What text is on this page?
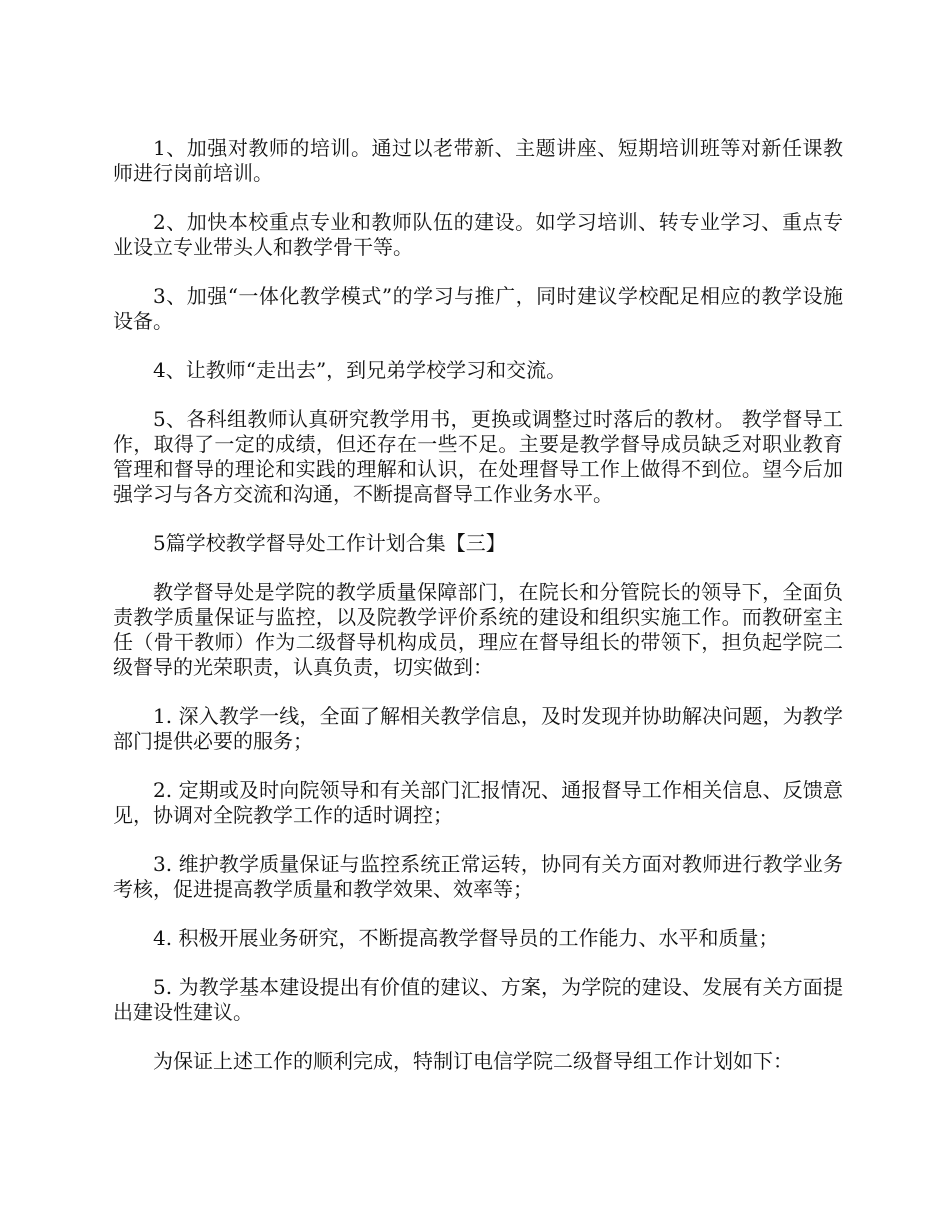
1、加强对教师的培训。通过以老带新、主题讲座、短期培训班等对新任课教师进行岗前培训。

2、加快本校重点专业和教师队伍的建设。如学习培训、转专业学习、重点专业设立专业带头人和教学骨干等。

3、加强“一体化教学模式”的学习与推广，同时建议学校配足相应的教学设施设备。

4、让教师“走出去”，到兄弟学校学习和交流。

5、各科组教师认真研究教学用书，更换或调整过时落后的教材。 教学督导工作，取得了一定的成绩，但还存在一些不足。主要是教学督导成员缺乏对职业教育管理和督导的理论和实践的理解和认识，在处理督导工作上做得不到位。望今后加强学习与各方交流和沟通，不断提高督导工作业务水平。

5篇学校教学督导处工作计划合集【三】

教学督导处是学院的教学质量保障部门，在院长和分管院长的领导下，全面负责教学质量保证与监控，以及院教学评价系统的建设和组织实施工作。而教研室主任（骨干教师）作为二级督导机构成员，理应在督导组长的带领下，担负起学院二级督导的光荣职责，认真负责，切实做到：

1. 深入教学一线，全面了解相关教学信息，及时发现并协助解决问题，为教学部门提供必要的服务；

2. 定期或及时向院领导和有关部门汇报情况、通报督导工作相关信息、反馈意见，协调对全院教学工作的适时调控；

3. 维护教学质量保证与监控系统正常运转，协同有关方面对教师进行教学业务考核，促进提高教学质量和教学效果、效率等；

4. 积极开展业务研究，不断提高教学督导员的工作能力、水平和质量；

5. 为教学基本建设提出有价值的建议、方案，为学院的建设、发展有关方面提出建设性建议。

为保证上述工作的顺利完成，特制订电信学院二级督导组工作计划如下：
